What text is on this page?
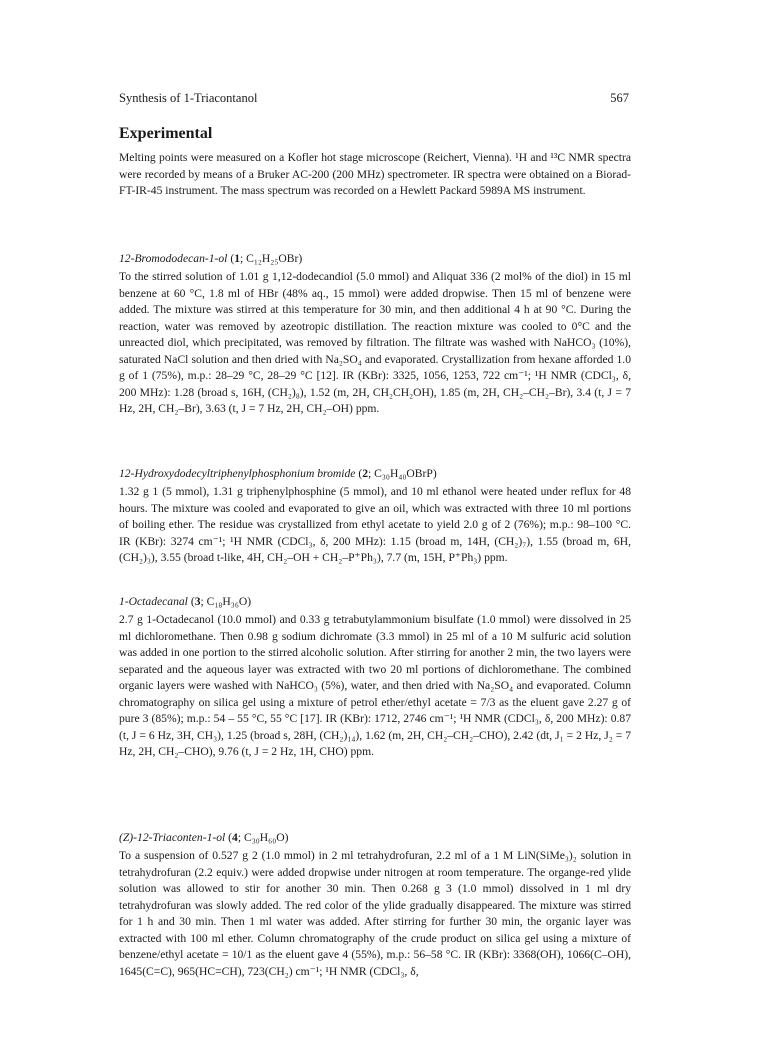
Synthesis of 1-Triacontanol	567
Experimental
Melting points were measured on a Kofler hot stage microscope (Reichert, Vienna). ¹H and ¹³C NMR spectra were recorded by means of a Bruker AC-200 (200 MHz) spectrometer. IR spectra were obtained on a Biorad-FT-IR-45 instrument. The mass spectrum was recorded on a Hewlett Packard 5989A MS instrument.
12-Bromododecan-1-ol (1; C₁₂H₂₅OBr)
To the stirred solution of 1.01 g 1,12-dodecandiol (5.0 mmol) and Aliquat 336 (2 mol% of the diol) in 15 ml benzene at 60 °C, 1.8 ml of HBr (48% aq., 15 mmol) were added dropwise. Then 15 ml of benzene were added. The mixture was stirred at this temperature for 30 min, and then additional 4 h at 90 °C. During the reaction, water was removed by azeotropic distillation. The reaction mixture was cooled to 0°C and the unreacted diol, which precipitated, was removed by filtration. The filtrate was washed with NaHCO₃ (10%), saturated NaCl solution and then dried with Na₂SO₄ and evaporated. Crystallization from hexane afforded 1.0 g of 1 (75%), m.p.: 28–29 °C, 28–29 °C [12]. IR (KBr): 3325, 1056, 1253, 722 cm⁻¹; ¹H NMR (CDCl₃, δ, 200 MHz): 1.28 (broad s, 16H, (CH₂)₈), 1.52 (m, 2H, CH₂CH₂OH), 1.85 (m, 2H, CH₂–CH₂–Br), 3.4 (t, J = 7 Hz, 2H, CH₂–Br), 3.63 (t, J = 7 Hz, 2H, CH₂–OH) ppm.
12-Hydroxydodecyltriphenylphosphonium bromide (2; C₃₀H₄₀OBrP)
1.32 g 1 (5 mmol), 1.31 g triphenylphosphine (5 mmol), and 10 ml ethanol were heated under reflux for 48 hours. The mixture was cooled and evaporated to give an oil, which was extracted with three 10 ml portions of boiling ether. The residue was crystallized from ethyl acetate to yield 2.0 g of 2 (76%); m.p.: 98–100 °C. IR (KBr): 3274 cm⁻¹; ¹H NMR (CDCl₃, δ, 200 MHz): 1.15 (broad m, 14H, (CH₂)₇), 1.55 (broad m, 6H, (CH₂)₃), 3.55 (broad t-like, 4H, CH₂–OH + CH₂–P⁺Ph₃), 7.7 (m, 15H, P⁺Ph₃) ppm.
1-Octadecanal (3; C₁₈H₃₆O)
2.7 g 1-Octadecanol (10.0 mmol) and 0.33 g tetrabutylammonium bisulfate (1.0 mmol) were dissolved in 25 ml dichloromethane. Then 0.98 g sodium dichromate (3.3 mmol) in 25 ml of a 10 M sulfuric acid solution was added in one portion to the stirred alcoholic solution. After stirring for another 2 min, the two layers were separated and the aqueous layer was extracted with two 20 ml portions of dichloromethane. The combined organic layers were washed with NaHCO₃ (5%), water, and then dried with Na₂SO₄ and evaporated. Column chromatography on silica gel using a mixture of petrol ether/ethyl acetate = 7/3 as the eluent gave 2.27 g of pure 3 (85%); m.p.: 54 – 55 °C, 55 °C [17]. IR (KBr): 1712, 2746 cm⁻¹; ¹H NMR (CDCl₃, δ, 200 MHz): 0.87 (t, J = 6 Hz, 3H, CH₃), 1.25 (broad s, 28H, (CH₂)₁₄), 1.62 (m, 2H, CH₂–CH₂–CHO), 2.42 (dt, J₁ = 2 Hz, J₂ = 7 Hz, 2H, CH₂–CHO), 9.76 (t, J = 2 Hz, 1H, CHO) ppm.
(Z)-12-Triaconten-1-ol (4; C₃₀H₆₀O)
To a suspension of 0.527 g 2 (1.0 mmol) in 2 ml tetrahydrofuran, 2.2 ml of a 1 M LiN(SiMe₃)₂ solution in tetrahydrofuran (2.2 equiv.) were added dropwise under nitrogen at room temperature. The organge-red ylide solution was allowed to stir for another 30 min. Then 0.268 g 3 (1.0 mmol) dissolved in 1 ml dry tetrahydrofuran was slowly added. The red color of the ylide gradually disappeared. The mixture was stirred for 1 h and 30 min. Then 1 ml water was added. After stirring for further 30 min, the organic layer was extracted with 100 ml ether. Column chromatography of the crude product on silica gel using a mixture of benzene/ethyl acetate = 10/1 as the eluent gave 4 (55%), m.p.: 56–58 °C. IR (KBr): 3368(OH), 1066(C–OH), 1645(C=C), 965(HC=CH), 723(CH₂) cm⁻¹; ¹H NMR (CDCl₃, δ,
